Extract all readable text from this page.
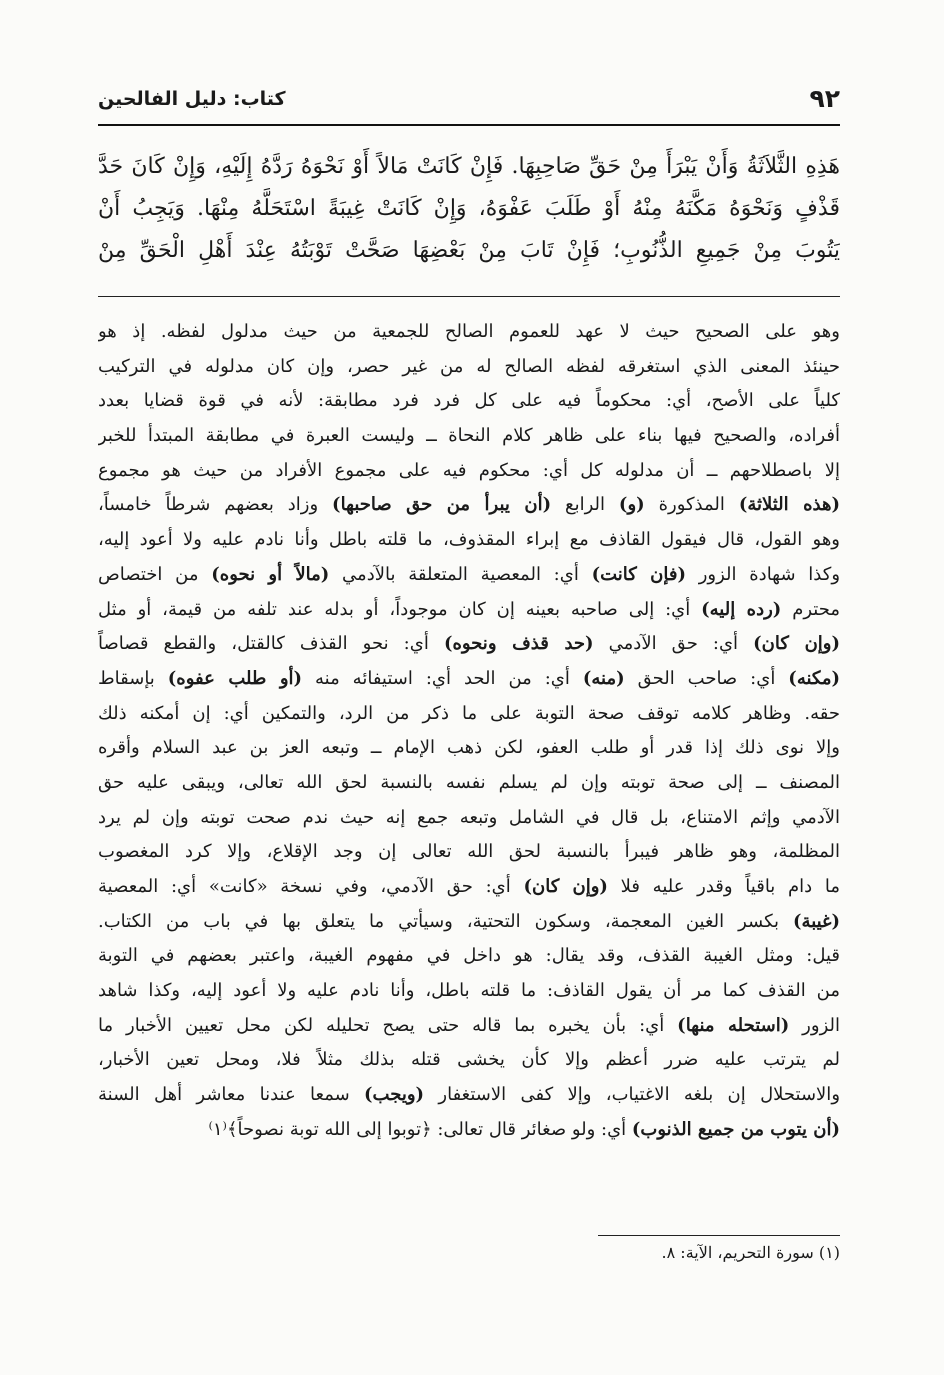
٩٢
كتاب: دليل الفالحين
هَذِهِ الثَّلاَثَةُ وَأَنْ يَبْرَأَ مِنْ حَقِّ صَاحِبِهَا. فَإِنْ كَانَتْ مَالاً أَوْ نَحْوَهُ رَدَّهُ إِلَيْهِ، وَإِنْ كَانَ حَدَّ
قَذْفٍ وَنَحْوَهُ مَكَّنَهُ مِنْهُ أَوْ طَلَبَ عَفْوَهُ، وَإِنْ كَانَتْ غِيبَةً اسْتَحَلَّهُ مِنْهَا. وَيَجِبُ أَنْ
يَتُوبَ مِنْ جَمِيعِ الذُّنُوبِ؛ فَإِنْ تَابَ مِنْ بَعْضِهَا صَحَّتْ تَوْبَتُهُ عِنْدَ أَهْلِ الْحَقِّ مِنْ
وهو على الصحيح حيث لا عهد للعموم الصالح للجمعية من حيث مدلول لفظه. إذ هو
حينئذ المعنى الذي استغرقه لفظه الصالح له من غير حصر، وإن كان مدلوله في التركيب
كلياً على الأصح، أي: محكوماً فيه على كل فرد فرد مطابقة: لأنه في قوة قضايا بعدد
أفراده، والصحيح فيها بناء على ظاهر كلام النحاة ــ وليست العبرة في مطابقة المبتدأ للخبر
إلا باصطلاحهم ــ أن مدلوله كل أي: محكوم فيه على مجموع الأفراد من حيث هو مجموع
(هذه الثلاثة) المذكورة (و) الرابع (أن يبرأ من حق صاحبها) وزاد بعضهم شرطاً خامساً،
وهو القول، قال فيقول القاذف مع إبراء المقذوف، ما قلته باطل وأنا نادم عليه ولا أعود إليه،
وكذا شهادة الزور (فإن كانت) أي: المعصية المتعلقة بالآدمي (مالاً أو نحوه) من اختصاص
محترم (رده إليه) أي: إلى صاحبه بعينه إن كان موجوداً، أو بدله عند تلفه من قيمة، أو مثل
(وإن كان) أي: حق الآدمي (حد قذف ونحوه) أي: نحو القذف كالقتل، والقطع قصاصاً
(مكنه) أي: صاحب الحق (منه) أي: من الحد أي: استيفائه منه (أو طلب عفوه) بإسقاط
حقه. وظاهر كلامه توقف صحة التوبة على ما ذكر من الرد، والتمكين أي: إن أمكنه ذلك
وإلا نوى ذلك إذا قدر أو طلب العفو، لكن ذهب الإمام ــ وتبعه العز بن عبد السلام وأقره
المصنف ــ إلى صحة توبته وإن لم يسلم نفسه بالنسبة لحق الله تعالى، ويبقى عليه حق
الآدمي وإثم الامتناع، بل قال في الشامل وتبعه جمع إنه حيث ندم صحت توبته وإن لم يرد
المظلمة، وهو ظاهر فيبرأ بالنسبة لحق الله تعالى إن وجد الإقلاع، وإلا كرد المغصوب
ما دام باقياً وقدر عليه فلا (وإن كان) أي: حق الآدمي، وفي نسخة «كانت» أي: المعصية
(غيبة) بكسر الغين المعجمة، وسكون التحتية، وسيأتي ما يتعلق بها في باب من الكتاب.
قيل: ومثل الغيبة القذف، وقد يقال: هو داخل في مفهوم الغيبة، واعتبر بعضهم في التوبة
من القذف كما مر أن يقول القاذف: ما قلته باطل، وأنا نادم عليه ولا أعود إليه، وكذا شاهد
الزور (استحله منها) أي: بأن يخبره بما قاله حتى يصح تحليله لكن محل تعيين الأخبار ما
لم يترتب عليه ضرر أعظم وإلا كأن يخشى قتله بذلك مثلاً فلا، ومحل تعين الأخبار،
والاستحلال إن بلغه الاغتياب، وإلا كفى الاستغفار (ويجب) سمعا عندنا معاشر أهل السنة
(أن يتوب من جميع الذنوب) أي: ولو صغائر قال تعالى: ﴿توبوا إلى الله توبة نصوحاً﴾⁽١⁾
(١) سورة التحريم، الآية: ٨.
